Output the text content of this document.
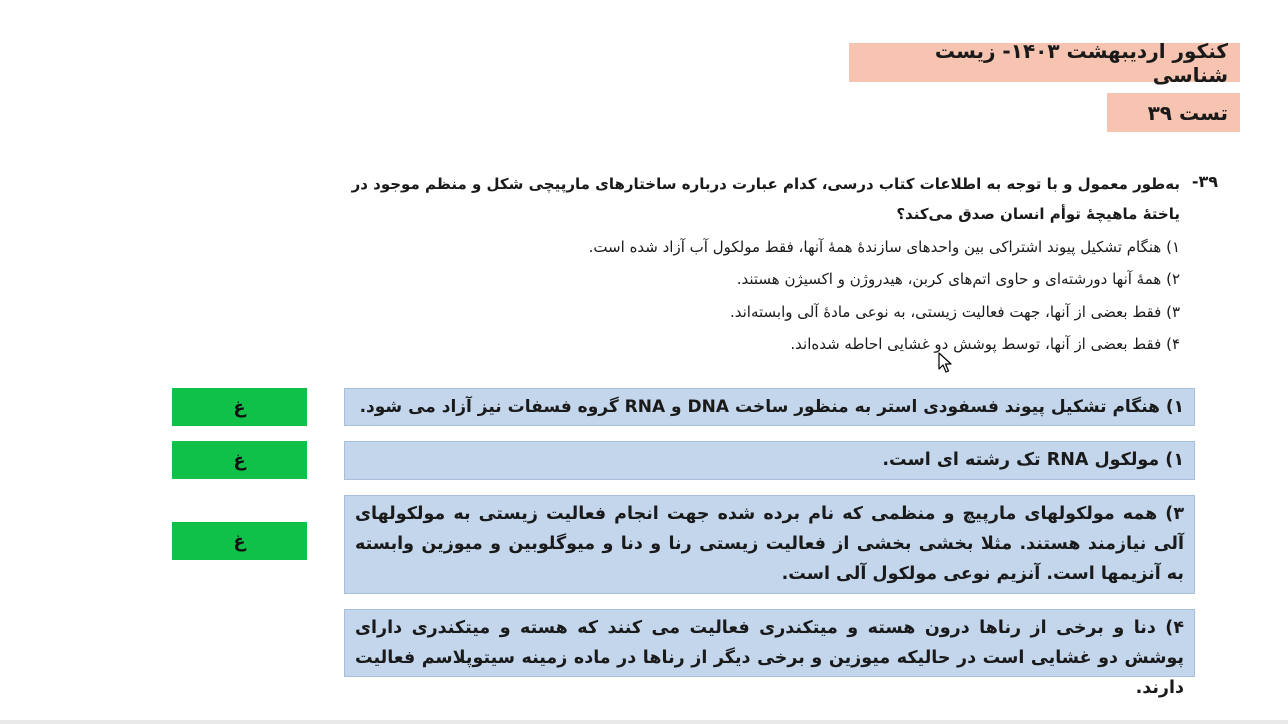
کنکور اردیبهشت ۱۴۰۳- زیست شناسی
تست ۳۹
-۳۹
به‌طور معمول و با توجه به اطلاعات کتاب درسی، کدام عبارت درباره ساختارهای مارپیچی شکل و منظم موجود در
یاختهٔ ماهیچهٔ توأم انسان صدق می‌کند؟
۱) هنگام تشکیل پیوند اشتراکی بین واحدهای سازندهٔ همهٔ آنها، فقط مولکول آب آزاد شده است.
۲) همهٔ آنها دورشته‌ای و حاوی اتم‌های کربن، هیدروژن و اکسیژن هستند.
۳) فقط بعضی از آنها، جهت فعالیت زیستی، به نوعی مادهٔ آلی وابسته‌اند.
۴) فقط بعضی از آنها، توسط پوشش دو غشایی احاطه شده‌اند.
۱) هنگام تشکیل پیوند فسفودی استر به منظور ساخت DNA و RNA گروه فسفات نیز آزاد می شود.
غ
۱) مولکول RNA تک رشته ای است.
غ
۳) همه مولکولهای مارپیچ و منظمی که نام برده شده جهت انجام فعالیت زیستی به مولکولهای آلی نیازمند هستند. مثلا بخشی بخشی از فعالیت زیستی رنا و دنا و میوگلوبین و میوزین وابسته به آنزیمها است. آنزیم نوعی مولکول آلی است.
غ
۴) دنا و برخی از رناها درون هسته و میتکندری فعالیت می کنند که هسته و میتکندری دارای پوشش دو غشایی است در حالیکه میوزین و برخی دیگر از رناها در ماده زمینه سیتوپلاسم فعالیت دارند.
